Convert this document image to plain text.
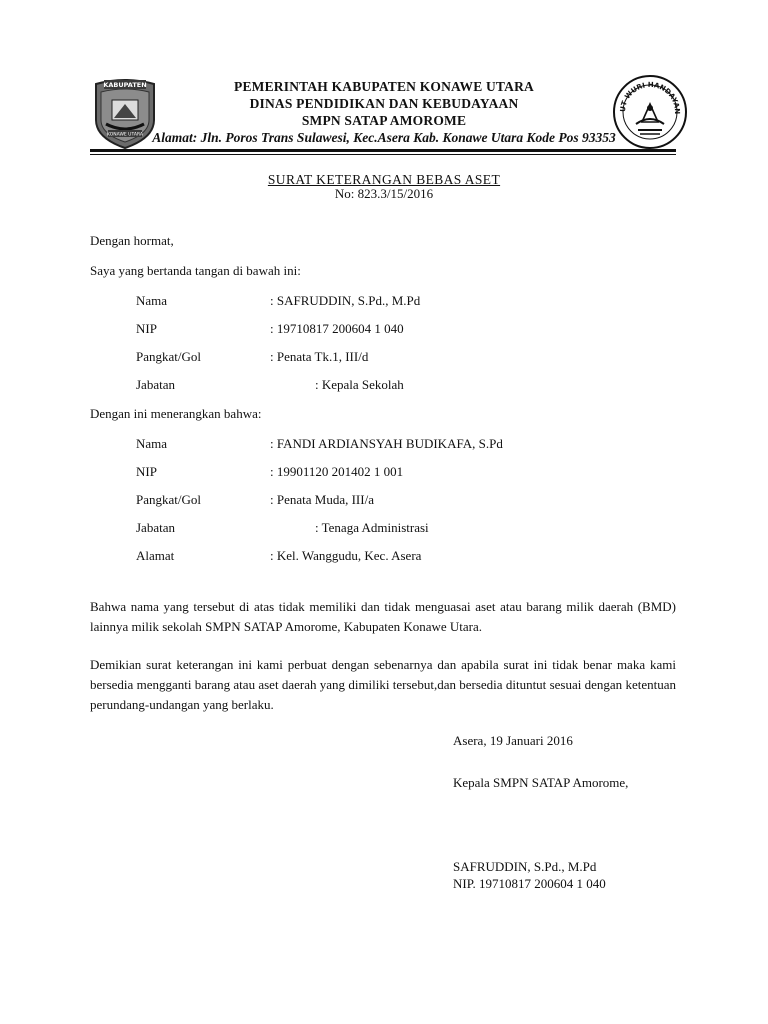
KABUPATEN
KONAWE UTARA
UT WURI HANDAYAN
PEMERINTAH KABUPATEN KONAWE UTARA
DINAS PENDIDIKAN DAN KEBUDAYAAN
SMPN SATAP AMOROME
Alamat: Jln. Poros Trans Sulawesi, Kec.Asera Kab. Konawe Utara Kode Pos 93353
SURAT KETERANGAN BEBAS ASET
No: 823.3/15/2016
Dengan hormat,
Saya yang bertanda tangan di bawah ini:
Nama	: SAFRUDDIN, S.Pd., M.Pd
NIP	: 19710817 200604 1 040
Pangkat/Gol	: Penata Tk.1, III/d
Jabatan	: Kepala Sekolah
Dengan ini menerangkan bahwa:
Nama	: FANDI ARDIANSYAH BUDIKAFA, S.Pd
NIP	: 19901120 201402 1 001
Pangkat/Gol	: Penata Muda, III/a
Jabatan	: Tenaga Administrasi
Alamat	: Kel. Wanggudu, Kec. Asera
Bahwa nama yang tersebut di atas tidak memiliki dan tidak menguasai aset atau barang milik daerah (BMD) lainnya milik sekolah SMPN SATAP Amorome, Kabupaten Konawe Utara.
Demikian surat keterangan ini kami perbuat dengan sebenarnya dan apabila surat ini tidak benar maka kami bersedia mengganti barang atau aset daerah yang dimiliki tersebut,dan bersedia dituntut sesuai dengan ketentuan perundang-undangan yang berlaku.
Asera, 19 Januari 2016
Kepala SMPN SATAP Amorome,
SAFRUDDIN, S.Pd., M.Pd
NIP. 19710817 200604 1 040
